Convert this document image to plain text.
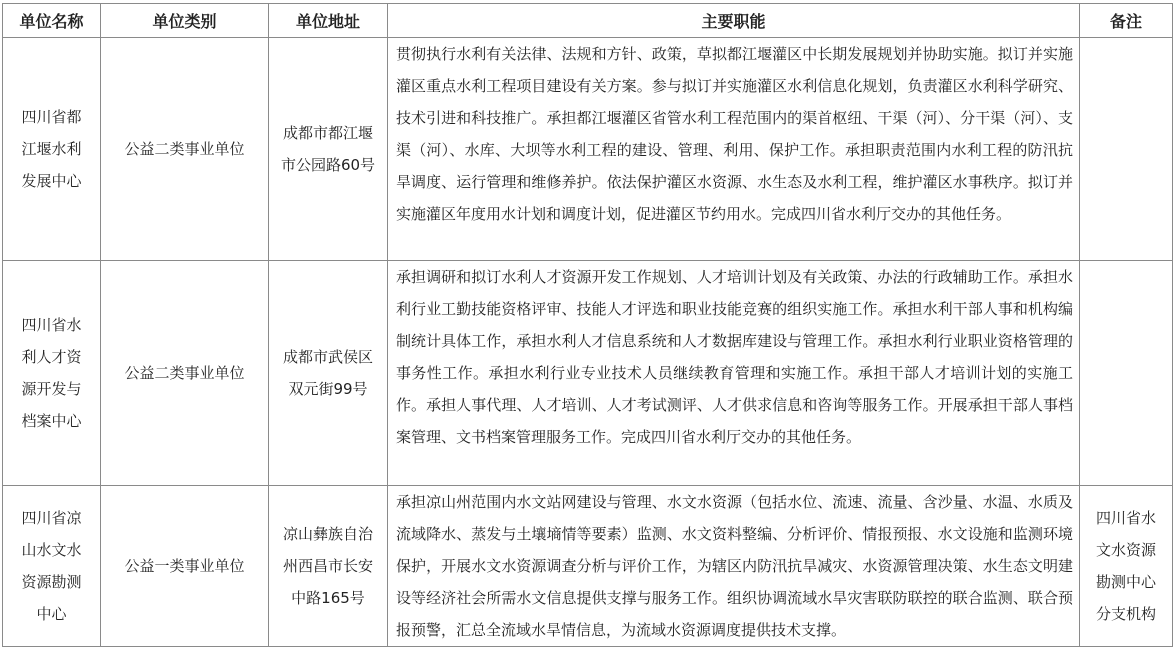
单位名称	单位类别	单位地址	主要职能	备注

四川省都江堰水利发展中心	公益二类事业单位	成都市都江堰市公园路60号	贯彻执行水利有关法律、法规和方针、政策，草拟都江堰灌区中长期发展规划并协助实施。拟订并实施灌区重点水利工程项目建设有关方案。参与拟订并实施灌区水利信息化规划，负责灌区水利科学研究、技术引进和科技推广。承担都江堰灌区省管水利工程范围内的渠首枢纽、干渠（河）、分干渠（河）、支渠（河）、水库、大坝等水利工程的建设、管理、利用、保护工作。承担职责范围内水利工程的防汛抗旱调度、运行管理和维修养护。依法保护灌区水资源、水生态及水利工程，维护灌区水事秩序。拟订并实施灌区年度用水计划和调度计划，促进灌区节约用水。完成四川省水利厅交办的其他任务。	

四川省水利人才资源开发与档案中心	公益二类事业单位	成都市武侯区双元街99号	承担调研和拟订水利人才资源开发工作规划、人才培训计划及有关政策、办法的行政辅助工作。承担水利行业工勤技能资格评审、技能人才评选和职业技能竞赛的组织实施工作。承担水利干部人事和机构编制统计具体工作，承担水利人才信息系统和人才数据库建设与管理工作。承担水利行业职业资格管理的事务性工作。承担水利行业专业技术人员继续教育管理和实施工作。承担干部人才培训计划的实施工作。承担人事代理、人才培训、人才考试测评、人才供求信息和咨询等服务工作。开展承担干部人事档案管理、文书档案管理服务工作。完成四川省水利厅交办的其他任务。	

四川省凉山水文水资源勘测中心	公益一类事业单位	凉山彝族自治州西昌市长安中路165号	承担凉山州范围内水文站网建设与管理、水文水资源（包括水位、流速、流量、含沙量、水温、水质及流域降水、蒸发与土壤墒情等要素）监测、水文资料整编、分析评价、情报预报、水文设施和监测环境保护，开展水文水资源调查分析与评价工作，为辖区内防汛抗旱减灾、水资源管理决策、水生态文明建设等经济社会所需水文信息提供支撑与服务工作。组织协调流域水旱灾害联防联控的联合监测、联合预报预警，汇总全流域水旱情信息，为流域水资源调度提供技术支撑。	四川省水文水资源勘测中心分支机构
